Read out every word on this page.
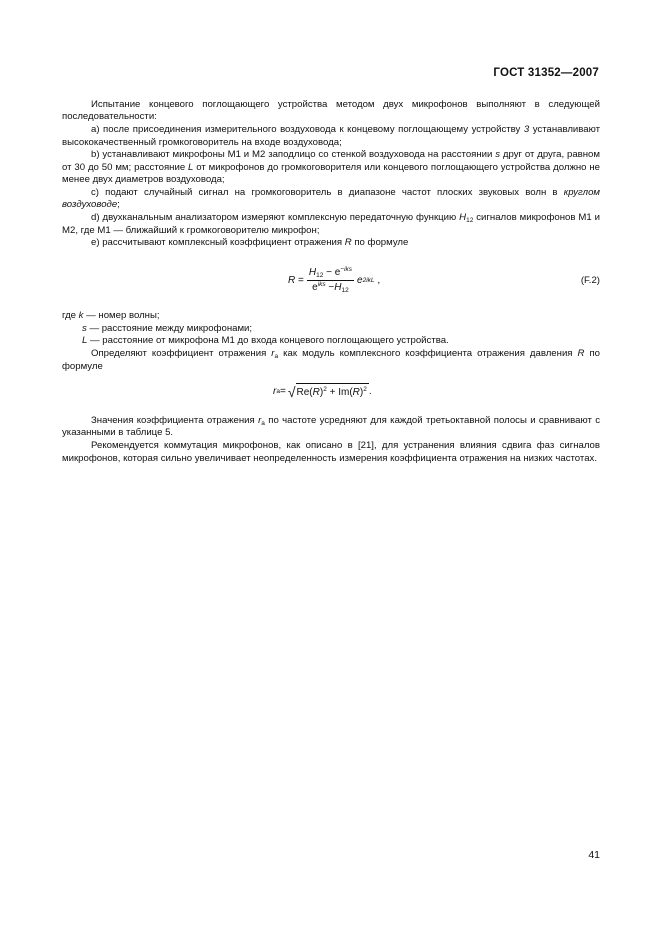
ГОСТ 31352—2007

Испытание концевого поглощающего устройства методом двух микрофонов выполняют в следующей последовательности:

а) после присоединения измерительного воздуховода к концевому поглощающему устройству 3 устанавливают высококачественный громкоговоритель на входе воздуховода;

b) устанавливают микрофоны М1 и М2 заподлицо со стенкой воздуховода на расстоянии s друг от друга, равном от 30 до 50 мм; расстояние L от микрофонов до громкоговорителя или концевого поглощающего устройства должно не менее двух диаметров воздуховода;

c) подают случайный сигнал на громкоговоритель в диапазоне частот плоских звуковых волн в круглом воздуховоде;

d) двухканальным анализатором измеряют комплексную передаточную функцию $H_{12}$ сигналов микрофонов М1 и М2, где М1 — ближайший к громкоговорителю микрофон;

е) рассчитывают комплексный коэффициент отражения R по формуле

R
= $\frac{H_{12} - e^{-iks}}{e^{iks} -H_{12}}$ e 2ikL
,	(F.2)

где k — номер волны;

s — расстояние между микрофонами;

L — расстояние от микрофона М1 до входа концевого поглощающего устройства.

Определяют коэффициент отражения $r_a$ как модуль комплексного коэффициента отражения давления R по формуле

r a = √ $Re(R)^2 + Im(R)^2$ .

Значения коэффициента отражения $r_a$ по частоте усредняют для каждой третьоктавной полосы и сравнивают с указанными в таблице 5.

Рекомендуется коммутация микрофонов, как описано в [21], для устранения влияния сдвига фаз сигналов микрофонов, которая сильно увеличивает неопределенность измерения коэффициента отражения на низких частотах.

41
